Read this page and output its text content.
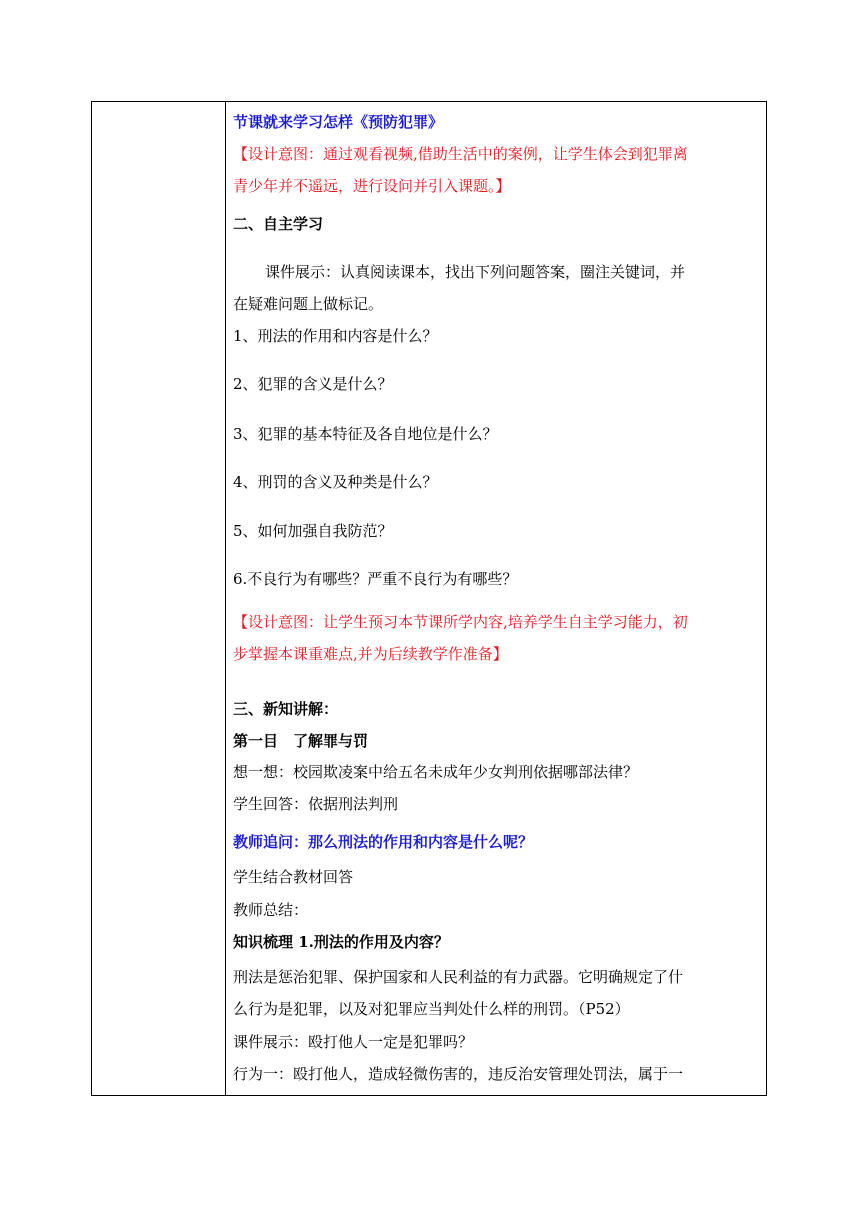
节课就来学习怎样《预防犯罪》
【设计意图：通过观看视频,借助生活中的案例，让学生体会到犯罪离
青少年并不遥远，进行设问并引入课题。】
二、自主学习
课件展示：认真阅读课本，找出下列问题答案，圈注关键词，并
在疑难问题上做标记。
1、刑法的作用和内容是什么？
2、犯罪的含义是什么？
3、犯罪的基本特征及各自地位是什么？
4、刑罚的含义及种类是什么？
5、如何加强自我防范？
6.不良行为有哪些？严重不良行为有哪些？
【设计意图：让学生预习本节课所学内容,培养学生自主学习能力，初
步掌握本课重难点,并为后续教学作准备】
三、新知讲解：
第一目　了解罪与罚
想一想：校园欺凌案中给五名未成年少女判刑依据哪部法律？
学生回答：依据刑法判刑
教师追问：那么刑法的作用和内容是什么呢？
学生结合教材回答
教师总结：
知识梳理 1.刑法的作用及内容？
刑法是惩治犯罪、保护国家和人民利益的有力武器。它明确规定了什
么行为是犯罪，以及对犯罪应当判处什么样的刑罚。（P52）
课件展示：殴打他人一定是犯罪吗？
行为一：殴打他人，造成轻微伤害的，违反治安管理处罚法，属于一
